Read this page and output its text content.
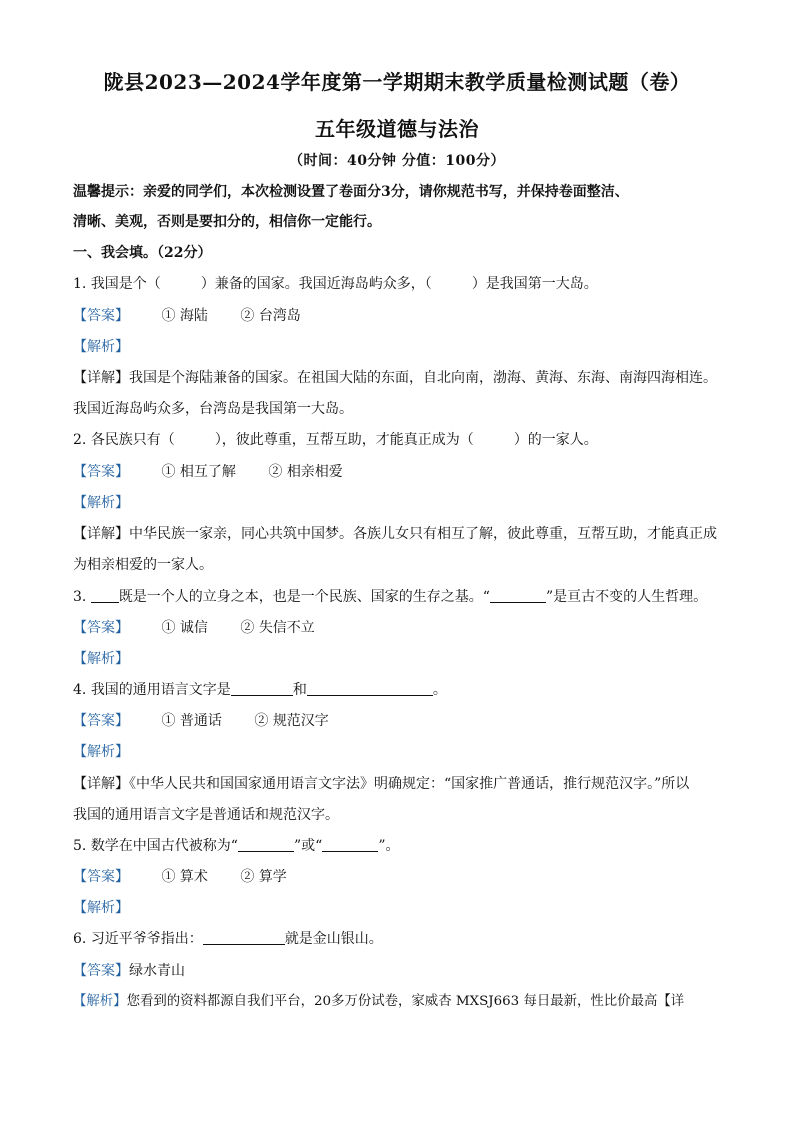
陇县2023—2024学年度第一学期期末教学质量检测试题（卷）
五年级道德与法治
（时间：40分钟 分值：100分）
温馨提示：亲爱的同学们，本次检测设置了卷面分3分，请你规范书写，并保持卷面整洁、
清晰、美观，否则是要扣分的，相信你一定能行。
一、我会填。（22分）
1. 我国是个（	）兼备的国家。我国近海岛屿众多，（	）是我国第一大岛。
【答案】 ① 海陆 ② 台湾岛
【解析】
【详解】我国是个海陆兼备的国家。在祖国大陆的东面，自北向南，渤海、黄海、东海、南海四海相连。
我国近海岛屿众多，台湾岛是我国第一大岛。
2. 各民族只有（	），彼此尊重，互帮互助，才能真正成为（	）的一家人。
【答案】 ① 相互了解 ② 相亲相爱
【解析】
【详解】中华民族一家亲，同心共筑中国梦。各族儿女只有相互了解，彼此尊重，互帮互助，才能真正成
为相亲相爱的一家人。
3. 既是一个人的立身之本，也是一个民族、国家的生存之基。“	”是亘古不变的人生哲理。
【答案】 ① 诚信 ② 失信不立
【解析】
4. 我国的通用语言文字是	和	。
【答案】 ① 普通话 ② 规范汉字
【解析】
【详解】《中华人民共和国国家通用语言文字法》明确规定：“国家推广普通话，推行规范汉字。”所以
我国的通用语言文字是普通话和规范汉字。
5. 数学在中国古代被称为“	”或“	”。
【答案】 ① 算术 ② 算学
【解析】
6. 习近平爷爷指出：	就是金山银山。
【答案】绿水青山
【解析】您看到的资料都源自我们平台，20多万份试卷，家威杏 MXSJ663 每日最新，性比价最高【详
